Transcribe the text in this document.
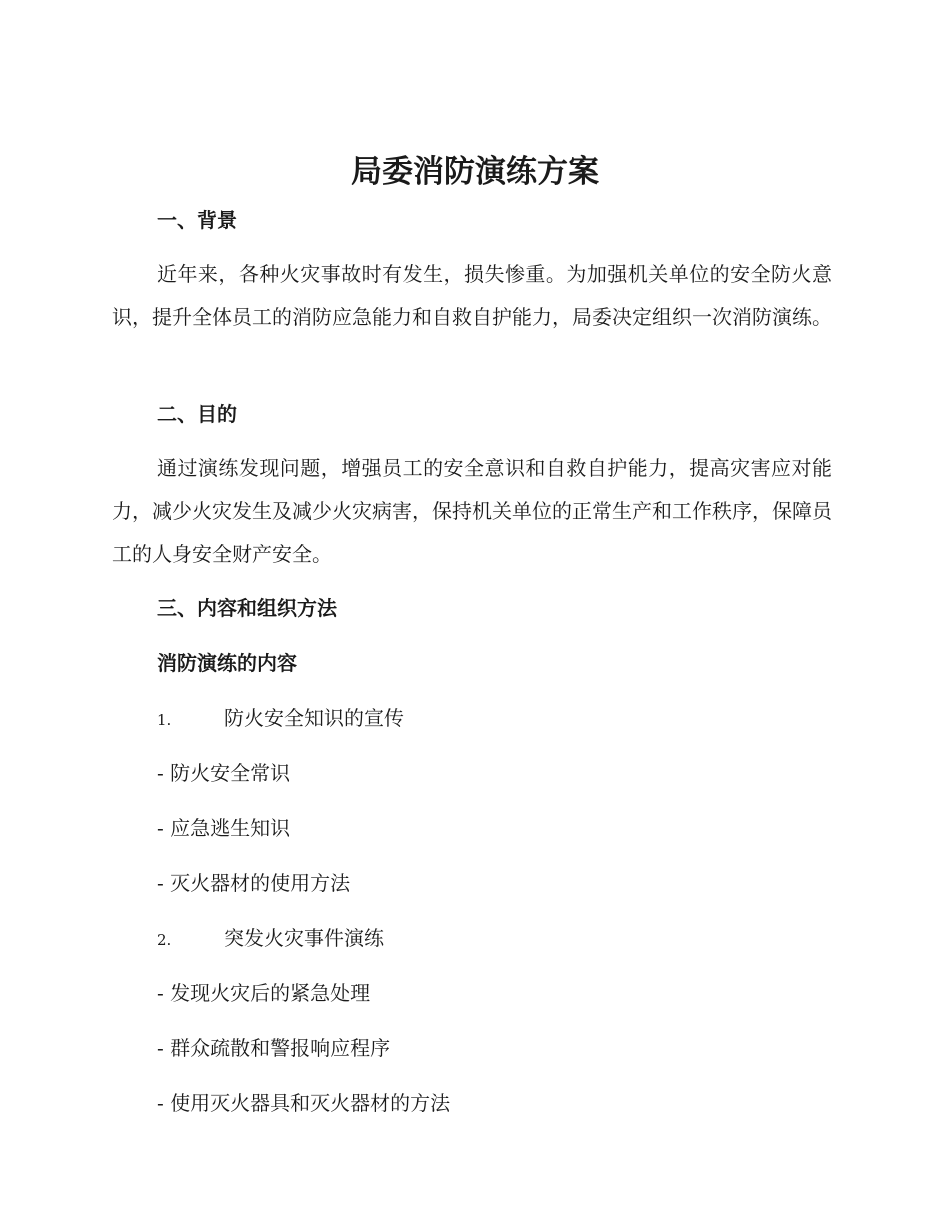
局委消防演练方案
一、背景

近年来，各种火灾事故时有发生，损失惨重。为加强机关单位的安全防火意识，提升全体员工的消防应急能力和自救自护能力，局委决定组织一次消防演练。

二、目的

通过演练发现问题，增强员工的安全意识和自救自护能力，提高灾害应对能力，减少火灾发生及减少火灾病害，保持机关单位的正常生产和工作秩序，保障员工的人身安全财产安全。

三、内容和组织方法
消防演练的内容

1.	防火安全知识的宣传

- 防火安全常识

- 应急逃生知识

- 灭火器材的使用方法

2.	突发火灾事件演练

- 发现火灾后的紧急处理

- 群众疏散和警报响应程序

- 使用灭火器具和灭火器材的方法
